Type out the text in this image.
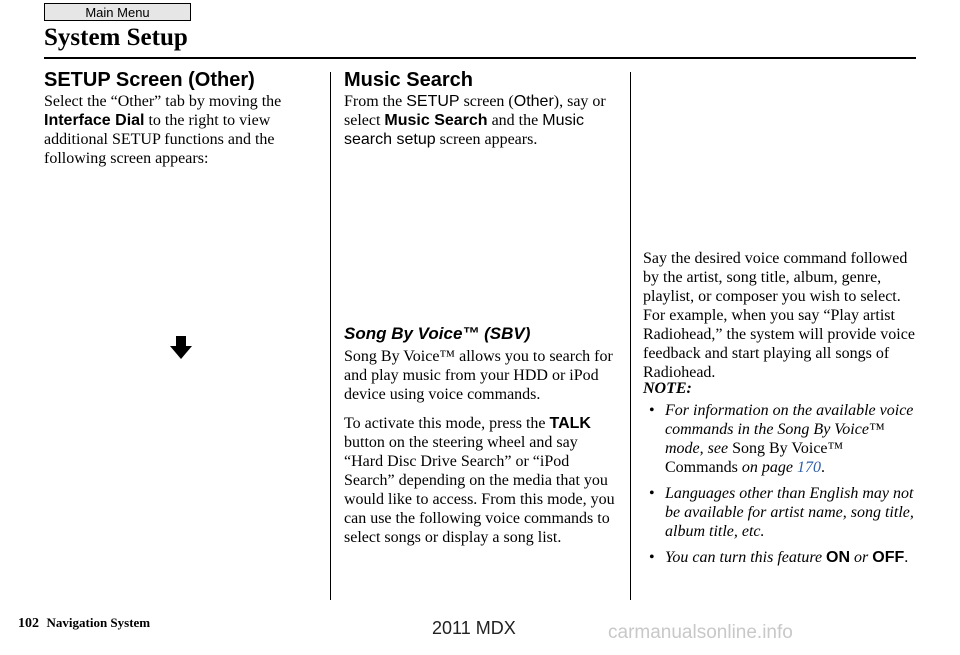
Main Menu
System Setup
SETUP Screen (Other)

Select the “Other” tab by moving the Interface Dial to the right to view additional SETUP functions and the following screen appears:

Music Search

From the SETUP screen (Other), say or select Music Search and the Music search setup screen appears.

Song By Voice™ (SBV)

Song By Voice™ allows you to search for and play music from your HDD or iPod device using voice commands.

To activate this mode, press the TALK button on the steering wheel and say “Hard Disc Drive Search” or “iPod Search” depending on the media that you would like to access. From this mode, you can use the following voice commands to select songs or display a song list.

Say the desired voice command followed by the artist, song title, album, genre, playlist, or composer you wish to select. For example, when you say “Play artist Radiohead,” the system will provide voice feedback and start playing all songs of Radiohead.

NOTE:
• For information on the available voice commands in the Song By Voice™ mode, see Song By Voice™ Commands on page 170.
• Languages other than English may not be available for artist name, song title, album title, etc.
• You can turn this feature ON or OFF.
102 Navigation System	2011 MDX	carmanualsonline.info
